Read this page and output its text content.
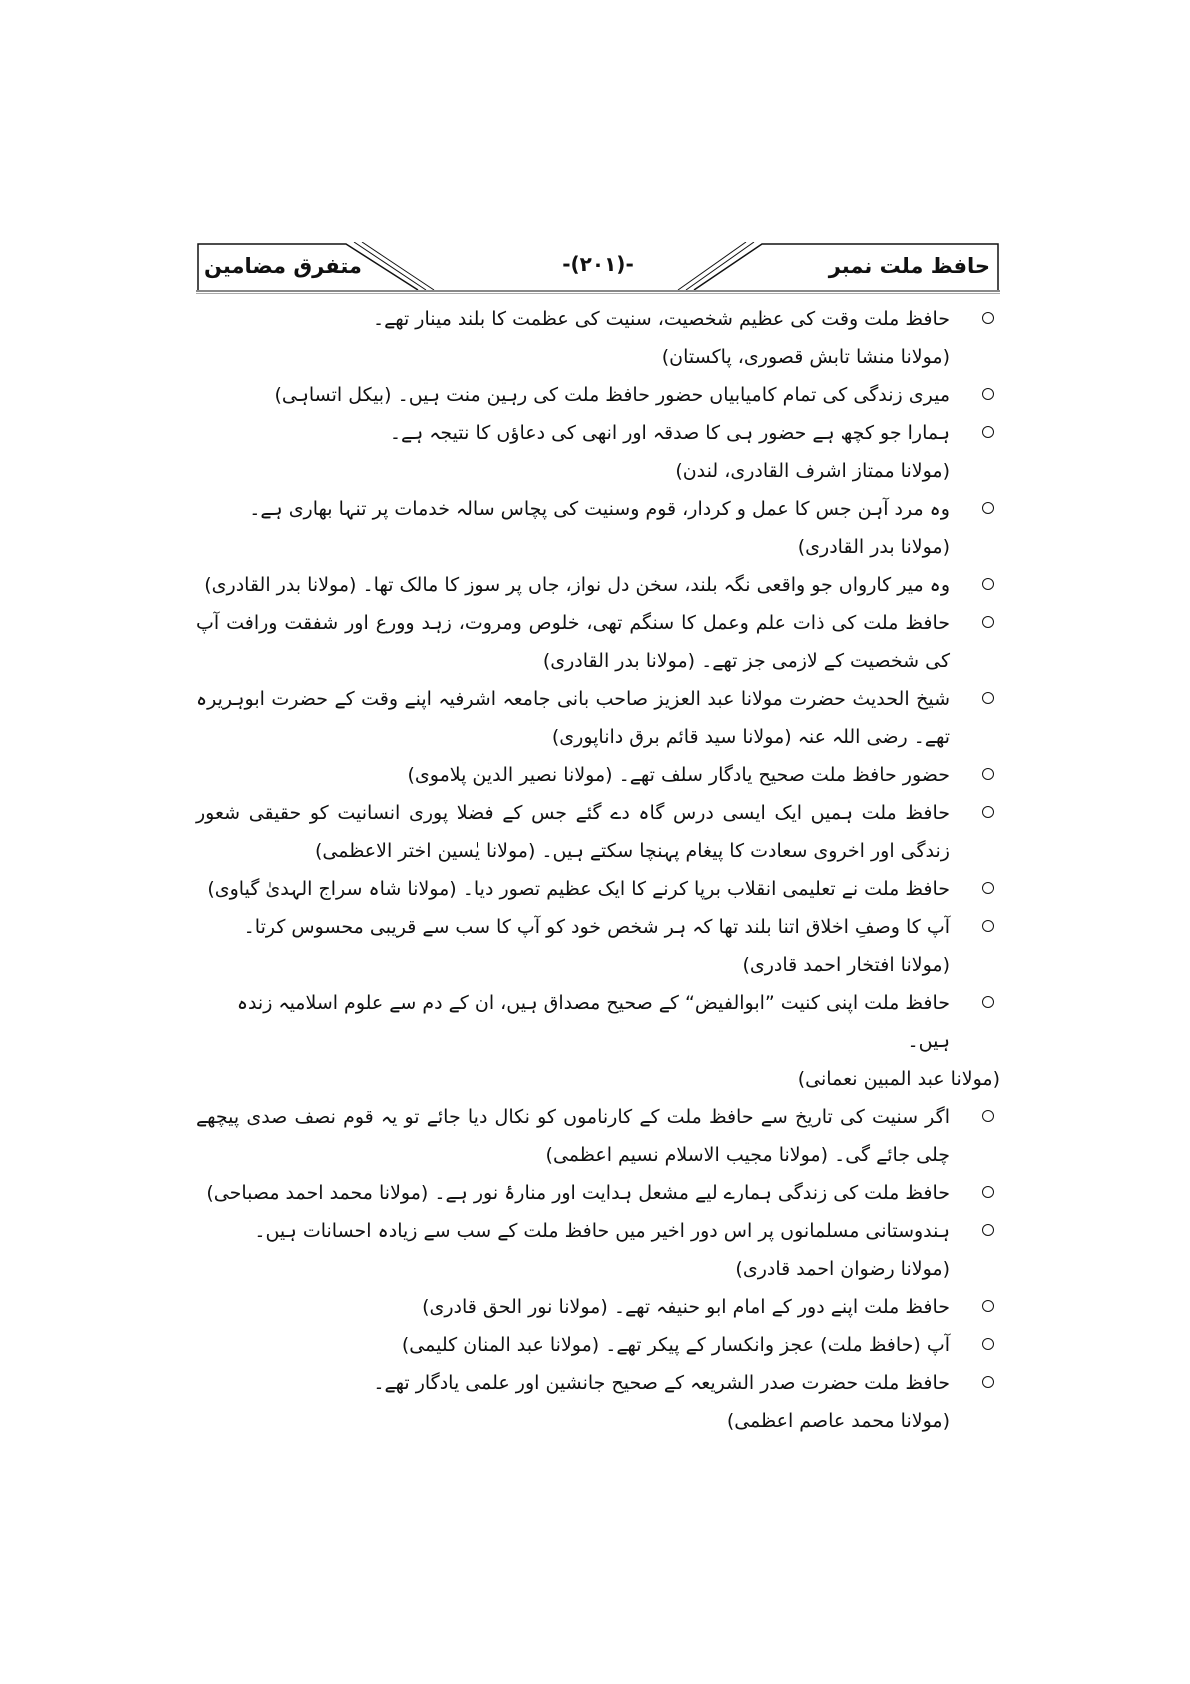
متفرق مضامین	-(۲۰۱)-	حافظ ملت نمبر
حافظ ملت وقت کی عظیم شخصیت، سنیت کی عظمت کا بلند مینار تھے۔ (مولانا منشا تابش قصوری، پاکستان)
میری زندگی کی تمام کامیابیاں حضور حافظ ملت کی رہین منت ہیں۔ (بیکل اتساہی)
ہمارا جو کچھ ہے حضور ہی کا صدقہ اور انھی کی دعاؤں کا نتیجہ ہے۔ (مولانا ممتاز اشرف القادری، لندن)
وہ مرد آہن جس کا عمل و کردار، قوم وسنیت کی پچاس سالہ خدمات پر تنہا بھاری ہے۔ (مولانا بدر القادری)
وہ میر کارواں جو واقعی نگہ بلند، سخن دل نواز، جاں پر سوز کا مالک تھا۔ (مولانا بدر القادری)
حافظ ملت کی ذات علم وعمل کا سنگم تھی، خلوص ومروت، زہد وورع اور شفقت ورافت آپ کی شخصیت کے لازمی جز تھے۔ (مولانا بدر القادری)
شیخ الحدیث حضرت مولانا عبد العزیز صاحب بانی جامعہ اشرفیہ اپنے وقت کے حضرت ابوہریرہ تھے۔ رضی اللہ عنہ (مولانا سید قائم برق داناپوری)
حضور حافظ ملت صحیح یادگار سلف تھے۔ (مولانا نصیر الدین پلاموی)
حافظ ملت ہمیں ایک ایسی درس گاہ دے گئے جس کے فضلا پوری انسانیت کو حقیقی شعور زندگی اور اخروی سعادت کا پیغام پہنچا سکتے ہیں۔ (مولانا یٰسین اختر الاعظمی)
حافظ ملت نے تعلیمی انقلاب برپا کرنے کا ایک عظیم تصور دیا۔ (مولانا شاہ سراج الہدیٰ گیاوی)
آپ کا وصفِ اخلاق اتنا بلند تھا کہ ہر شخص خود کو آپ کا سب سے قریبی محسوس کرتا۔ (مولانا افتخار احمد قادری)
حافظ ملت اپنی کنیت ”ابوالفیض“ کے صحیح مصداق ہیں، ان کے دم سے علوم اسلامیہ زندہ ہیں۔
(مولانا عبد المبین نعمانی)
اگر سنیت کی تاریخ سے حافظ ملت کے کارناموں کو نکال دیا جائے تو یہ قوم نصف صدی پیچھے چلی جائے گی۔ (مولانا مجیب الاسلام نسیم اعظمی)
حافظ ملت کی زندگی ہمارے لیے مشعل ہدایت اور منارۂ نور ہے۔ (مولانا محمد احمد مصباحی)
ہندوستانی مسلمانوں پر اس دور اخیر میں حافظ ملت کے سب سے زیادہ احسانات ہیں۔ (مولانا رضوان احمد قادری)
حافظ ملت اپنے دور کے امام ابو حنیفہ تھے۔ (مولانا نور الحق قادری)
آپ (حافظ ملت) عجز وانکسار کے پیکر تھے۔ (مولانا عبد المنان کلیمی)
حافظ ملت حضرت صدر الشریعہ کے صحیح جانشین اور علمی یادگار تھے۔ (مولانا محمد عاصم اعظمی)
